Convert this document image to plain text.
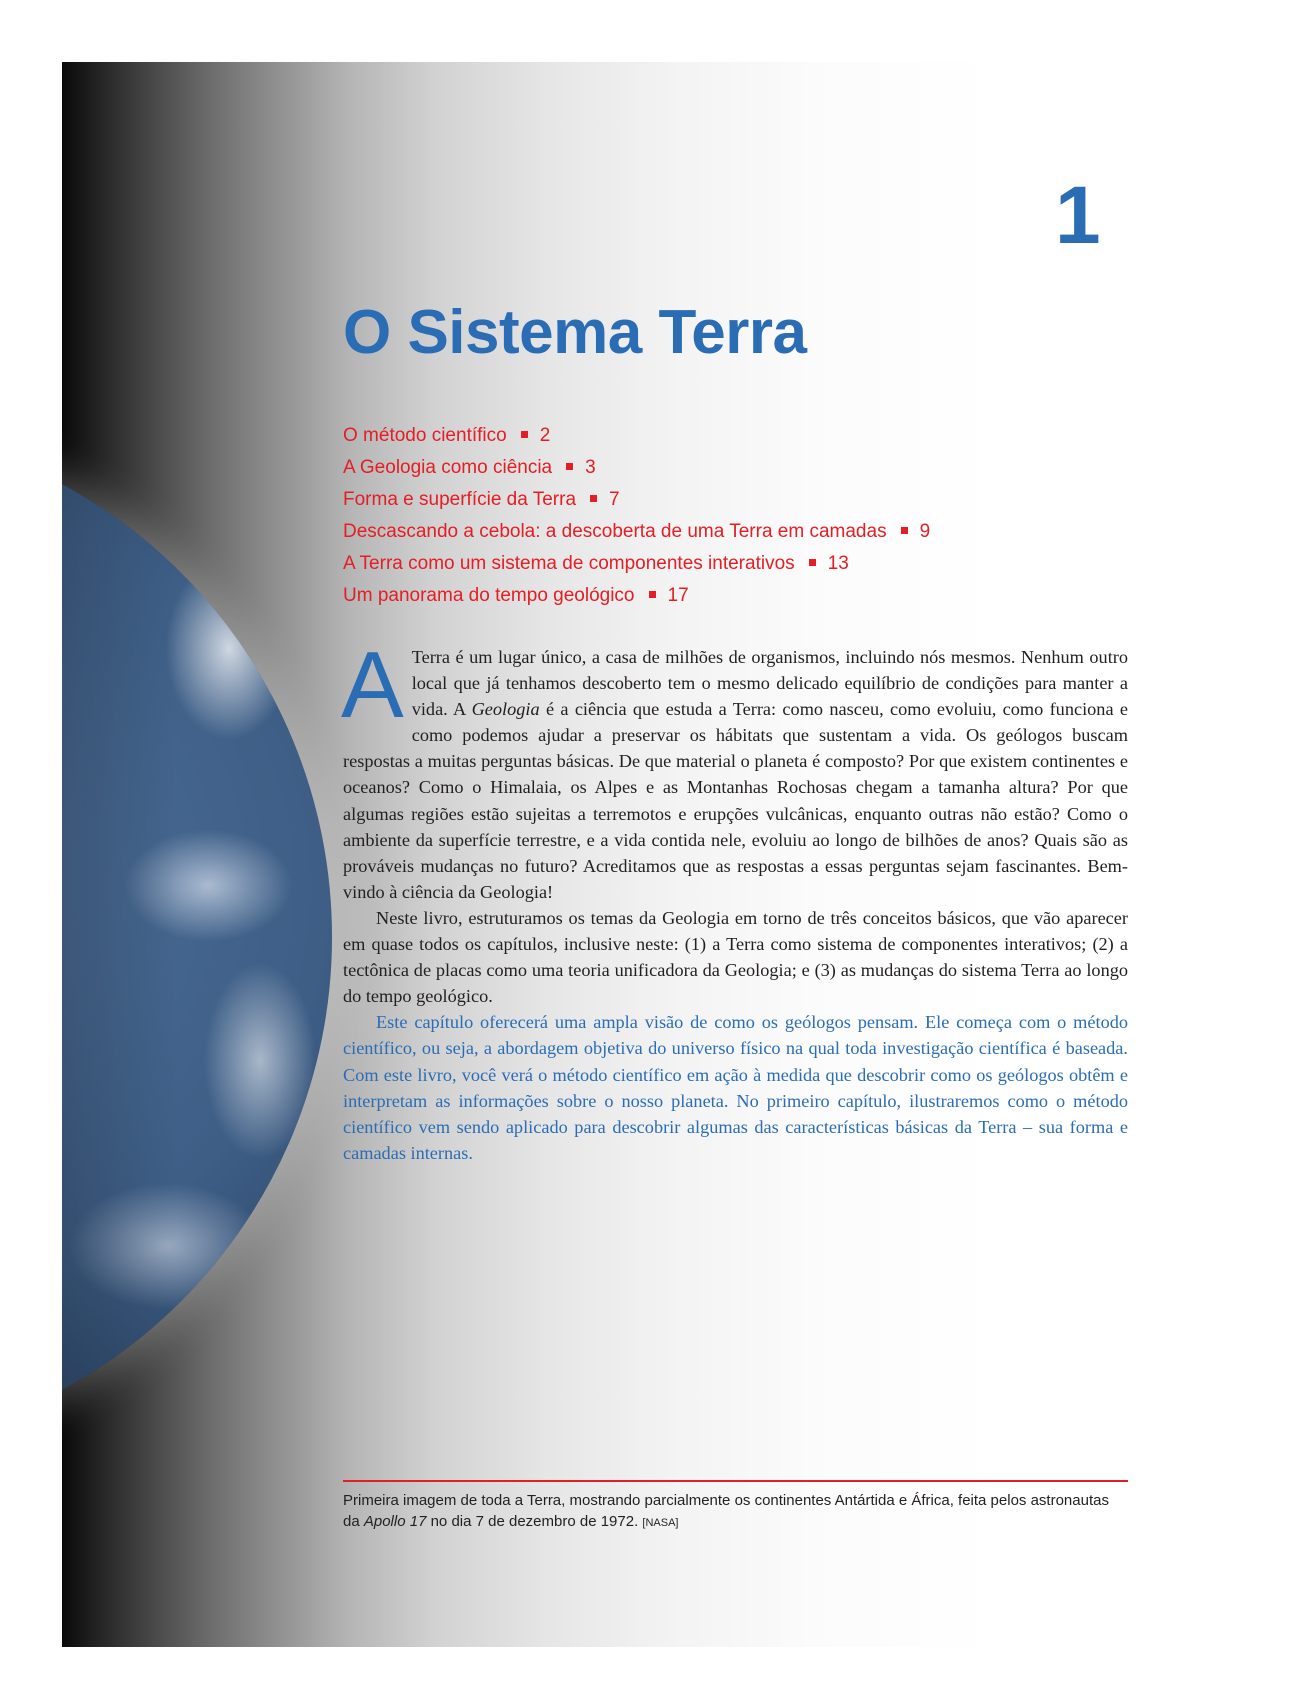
1
O Sistema Terra
O método científico 2
A Geologia como ciência 3
Forma e superfície da Terra 7
Descascando a cebola: a descoberta de uma Terra em camadas 9
A Terra como um sistema de componentes interativos 13
Um panorama do tempo geológico 17

A Terra é um lugar único, a casa de milhões de organismos, incluindo nós mesmos. Nenhum outro local que já tenhamos descoberto tem o mesmo delicado equilíbrio de condições para manter a vida. A Geologia é a ciência que estuda a Terra: como nasceu, como evoluiu, como funciona e como podemos ajudar a preservar os hábitats que sustentam a vida. Os geólogos buscam respostas a muitas perguntas básicas. De que material o planeta é composto? Por que existem continentes e oceanos? Como o Himalaia, os Alpes e as Montanhas Rochosas chegam a tamanha altura? Por que algumas regiões estão sujeitas a terremotos e erupções vulcânicas, enquanto outras não estão? Como o ambiente da superfície terrestre, e a vida contida nele, evoluiu ao longo de bilhões de anos? Quais são as prováveis mudanças no futuro? Acreditamos que as respostas a essas perguntas sejam fascinantes. Bem-vindo à ciência da Geologia!

Neste livro, estruturamos os temas da Geologia em torno de três conceitos básicos, que vão aparecer em quase todos os capítulos, inclusive neste: (1) a Terra como sistema de componentes interativos; (2) a tectônica de placas como uma teoria unificadora da Geologia; e (3) as mudanças do sistema Terra ao longo do tempo geológico.

Este capítulo oferecerá uma ampla visão de como os geólogos pensam. Ele começa com o método científico, ou seja, a abordagem objetiva do universo físico na qual toda investigação científica é baseada. Com este livro, você verá o método científico em ação à medida que descobrir como os geólogos obtêm e interpretam as informações sobre o nosso planeta. No primeiro capítulo, ilustraremos como o método científico vem sendo aplicado para descobrir algumas das características básicas da Terra – sua forma e camadas internas.

Primeira imagem de toda a Terra, mostrando parcialmente os continentes Antártida e África, feita pelos astronautas da Apollo 17 no dia 7 de dezembro de 1972. [NASA]
